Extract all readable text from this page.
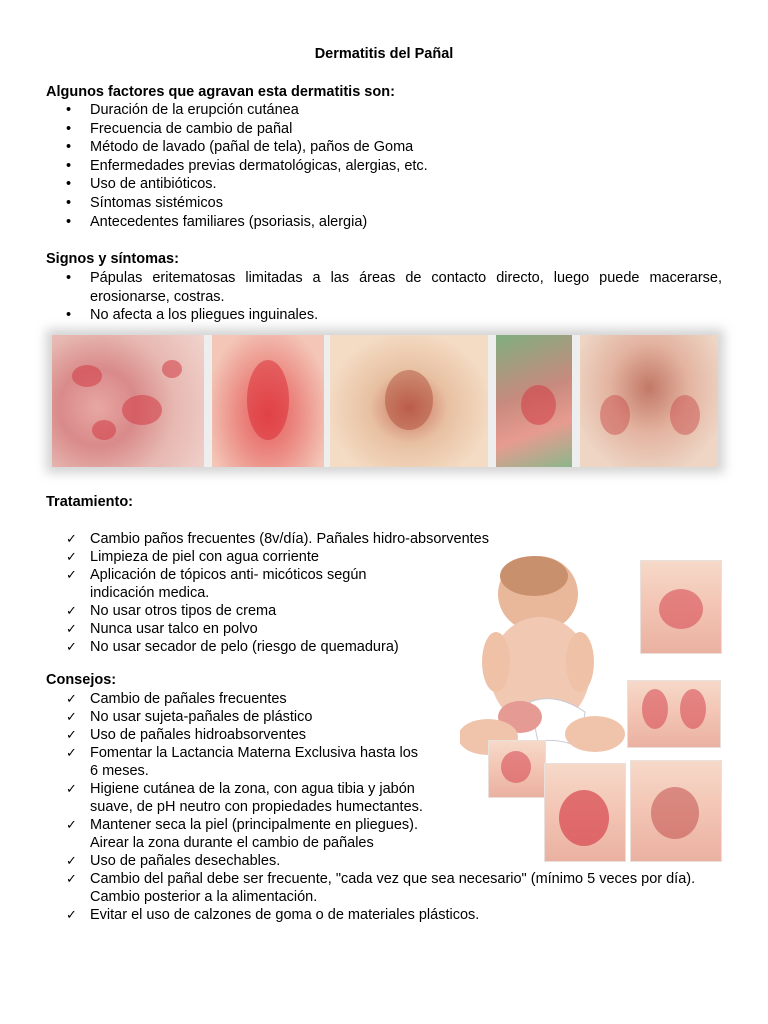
Dermatitis del Pañal
Algunos factores que agravan esta dermatitis son:
• Duración de la erupción cutánea
• Frecuencia de cambio de pañal
• Método de lavado (pañal de tela), paños de Goma
• Enfermedades previas dermatológicas, alergias, etc.
• Uso de antibióticos.
• Síntomas sistémicos
• Antecedentes familiares (psoriasis, alergia)
Signos y síntomas:
• Pápulas eritematosas limitadas a las áreas de contacto directo, luego puede macerarse, erosionarse, costras.
• No afecta a los pliegues inguinales.
Tratamiento:
✓ Cambio paños frecuentes (8v/día). Pañales hidro-absorventes
✓ Limpieza de piel con agua corriente
✓ Aplicación de tópicos anti- micóticos según
indicación medica.
✓ No usar otros tipos de crema
✓ Nunca usar talco en polvo
✓ No usar secador de pelo (riesgo de quemadura)
Consejos:
✓ Cambio de pañales frecuentes
✓ No usar sujeta-pañales de plástico
✓ Uso de pañales hidroabsorventes
✓ Fomentar la Lactancia Materna Exclusiva hasta los
6 meses.
✓ Higiene cutánea de la zona, con agua tibia y jabón
suave, de pH neutro con propiedades humectantes.
✓ Mantener seca la piel (principalmente en pliegues).
Airear la zona durante el cambio de pañales
✓ Uso de pañales desechables.
✓ Cambio del pañal debe ser frecuente, "cada vez que sea necesario" (mínimo 5 veces por día).
Cambio posterior a la alimentación.
✓ Evitar el uso de calzones de goma o de materiales plásticos.
